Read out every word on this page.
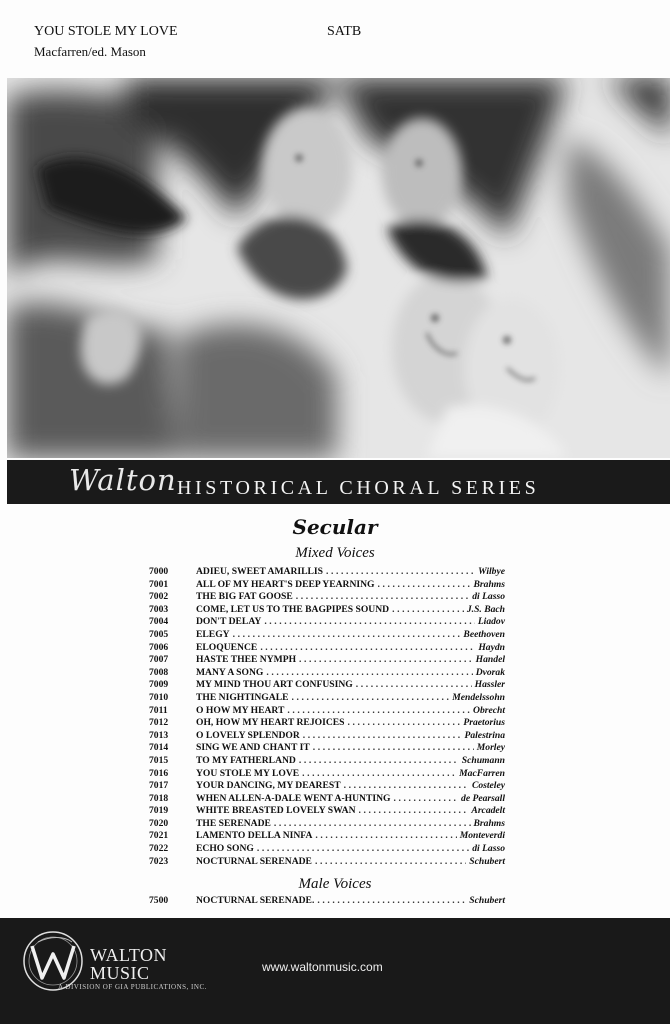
YOU STOLE MY LOVE	SATB
Macfarren/ed. Mason
Walton HISTORICAL CHORAL SERIES
Secular
Mixed Voices
7000	ADIEU, SWEET AMARILLIS .....	Wilbye
7001	ALL OF MY HEART'S DEEP YEARNING .....	Brahms
7002	THE BIG FAT GOOSE .....	di Lasso
7003	COME, LET US TO THE BAGPIPES SOUND .....	J.S. Bach
7004	DON'T DELAY .....	Liadov
7005	ELEGY .....	Beethoven
7006	ELOQUENCE .....	Haydn
7007	HASTE THEE NYMPH .....	Handel
7008	MANY A SONG .....	Dvorak
7009	MY MIND THOU ART CONFUSING .....	Hassler
7010	THE NIGHTINGALE .....	Mendelssohn
7011	O HOW MY HEART .....	Obrecht
7012	OH, HOW MY HEART REJOICES .....	Praetorius
7013	O LOVELY SPLENDOR .....	Palestrina
7014	SING WE AND CHANT IT .....	Morley
7015	TO MY FATHERLAND .....	Schumann
7016	YOU STOLE MY LOVE .....	MacFarren
7017	YOUR DANCING, MY DEAREST .....	Costeley
7018	WHEN ALLEN-A-DALE WENT A-HUNTING .....	de Pearsall
7019	WHITE BREASTED LOVELY SWAN .....	Arcadelt
7020	THE SERENADE .....	Brahms
7021	LAMENTO DELLA NINFA .....	Monteverdi
7022	ECHO SONG .....	di Lasso
7023	NOCTURNAL SERENADE .....	Schubert
Male Voices
7500	NOCTURNAL SERENADE. .....	Schubert
WALTON
MUSIC
A DIVISION OF GIA PUBLICATIONS, INC.
www.waltonmusic.com
